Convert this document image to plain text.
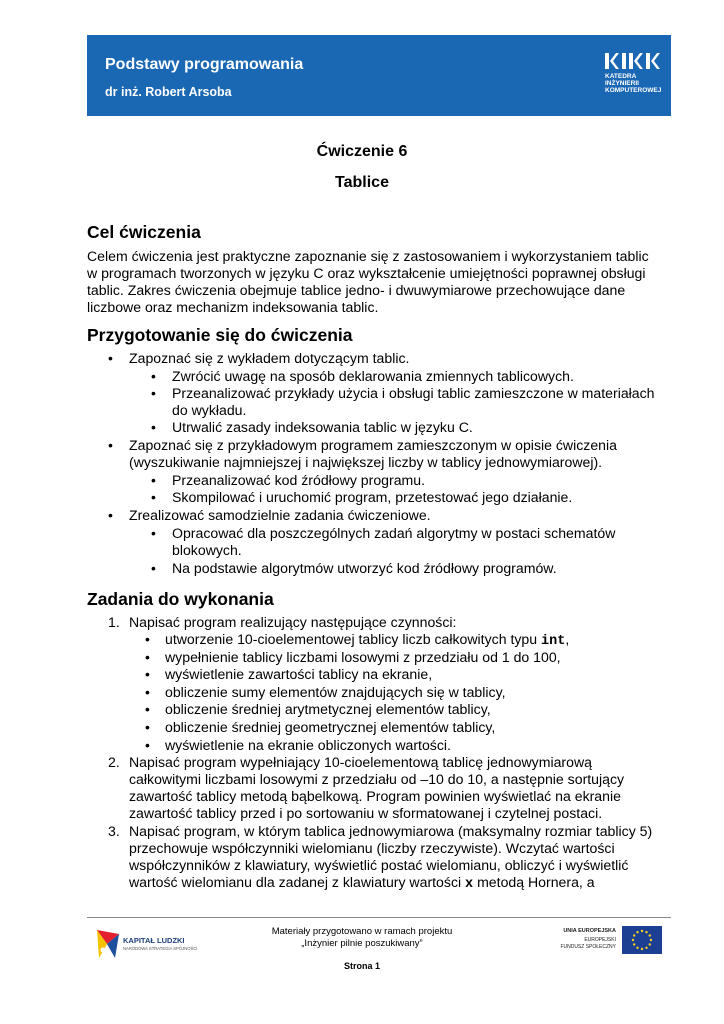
Podstawy programowania
dr inż. Robert Arsoba
KATEDRA
INŻYNIERII
KOMPUTEROWEJ
Ćwiczenie 6
Tablice
Cel ćwiczenia
Celem ćwiczenia jest praktyczne zapoznanie się z zastosowaniem i wykorzystaniem tablic
w programach tworzonych w języku C oraz wykształcenie umiejętności poprawnej obsługi
tablic. Zakres ćwiczenia obejmuje tablice jedno- i dwuwymiarowe przechowujące dane
liczbowe oraz mechanizm indeksowania tablic.
Przygotowanie się do ćwiczenia
• Zapoznać się z wykładem dotyczącym tablic.
• Zwrócić uwagę na sposób deklarowania zmiennych tablicowych.
• Przeanalizować przykłady użycia i obsługi tablic zamieszczone w materiałach
do wykładu.
• Utrwalić zasady indeksowania tablic w języku C.
• Zapoznać się z przykładowym programem zamieszczonym w opisie ćwiczenia
(wyszukiwanie najmniejszej i największej liczby w tablicy jednowymiarowej).
• Przeanalizować kod źródłowy programu.
• Skompilować i uruchomić program, przetestować jego działanie.
• Zrealizować samodzielnie zadania ćwiczeniowe.
• Opracować dla poszczególnych zadań algorytmy w postaci schematów
blokowych.
• Na podstawie algorytmów utworzyć kod źródłowy programów.
Zadania do wykonania
1. Napisać program realizujący następujące czynności:
• utworzenie 10-cioelementowej tablicy liczb całkowitych typu int,
• wypełnienie tablicy liczbami losowymi z przedziału od 1 do 100,
• wyświetlenie zawartości tablicy na ekranie,
• obliczenie sumy elementów znajdujących się w tablicy,
• obliczenie średniej arytmetycznej elementów tablicy,
• obliczenie średniej geometrycznej elementów tablicy,
• wyświetlenie na ekranie obliczonych wartości.
2. Napisać program wypełniający 10-cioelementową tablicę jednowymiarową
całkowitymi liczbami losowymi z przedziału od –10 do 10, a następnie sortujący
zawartość tablicy metodą bąbelkową. Program powinien wyświetlać na ekranie
zawartość tablicy przed i po sortowaniu w sformatowanej i czytelnej postaci.
3. Napisać program, w którym tablica jednowymiarowa (maksymalny rozmiar tablicy 5)
przechowuje współczynniki wielomianu (liczby rzeczywiste). Wczytać wartości
współczynników z klawiatury, wyświetlić postać wielomianu, obliczyć i wyświetlić
wartość wielomianu dla zadanej z klawiatury wartości x metodą Hornera, a
KAPITAŁ LUDZKI
NARODOWA STRATEGIA SPÓJNOŚCI
Materiały przygotowano w ramach projektu
„Inżynier pilnie poszukiwany”
Strona 1
UNIA EUROPEJSKA
EUROPEJSKI
FUNDUSZ SPOŁECZNY
